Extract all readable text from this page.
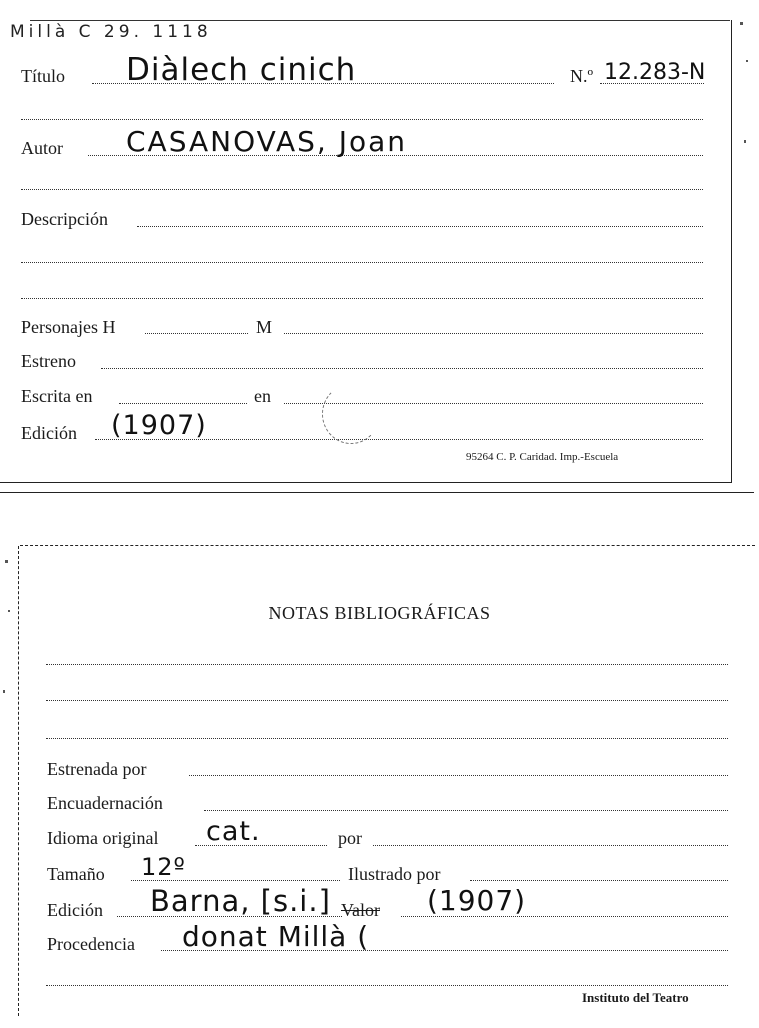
Millà C 29. 1118
Título Diàlech cinich	N.º 12.283-N
Autor CASANOVAS, Joan
Descripción
Personajes H	M
Estreno
Escrita en	en
Edición (1907)
95264 C. P. Caridad. Imp.-Escuela
NOTAS BIBLIOGRÁFICAS
Estrenada por
Encuadernación
Idioma original cat.	por
Tamaño 12º	Ilustrado por
Edición Barna, [s.i.] Valor (1907)
Procedencia donat Millà (
Instituto del Teatro
